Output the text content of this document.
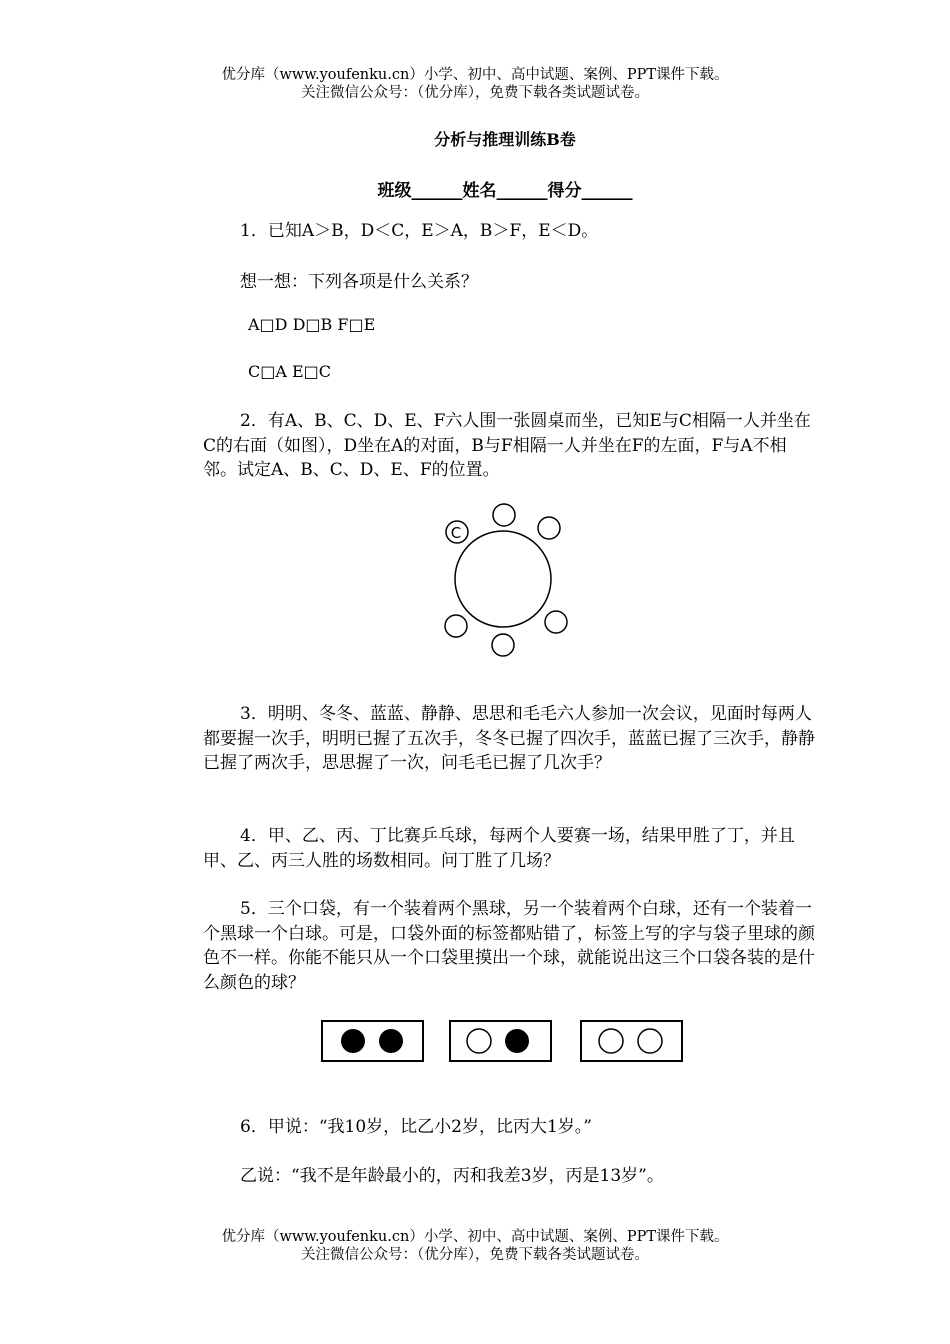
优分库（www.youfenku.cn）小学、初中、高中试题、案例、PPT课件下载。
关注微信公众号：（优分库），免费下载各类试题试卷。
分析与推理训练B卷
班级______姓名______得分______

1．已知A＞B，D＜C，E＞A，B＞F，E＜D。

想一想：下列各项是什么关系？

A□D D□B F□E

C□A E□C

2．有A、B、C、D、E、F六人围一张圆桌而坐，已知E与C相隔一人并坐在C的右面（如图），D坐在A的对面，B与F相隔一人并坐在F的左面，F与A不相邻。试定A、B、C、D、E、F的位置。

C

3．明明、冬冬、蓝蓝、静静、思思和毛毛六人参加一次会议，见面时每两人都要握一次手，明明已握了五次手，冬冬已握了四次手，蓝蓝已握了三次手，静静已握了两次手，思思握了一次，问毛毛已握了几次手？

4．甲、乙、丙、丁比赛乒乓球，每两个人要赛一场，结果甲胜了丁，并且甲、乙、丙三人胜的场数相同。问丁胜了几场？

5．三个口袋，有一个装着两个黑球，另一个装着两个白球，还有一个装着一个黑球一个白球。可是，口袋外面的标签都贴错了，标签上写的字与袋子里球的颜色不一样。你能不能只从一个口袋里摸出一个球，就能说出这三个口袋各装的是什么颜色的球？

6．甲说：“我10岁，比乙小2岁，比丙大1岁。”

乙说：“我不是年龄最小的，丙和我差3岁，丙是13岁”。

优分库（www.youfenku.cn）小学、初中、高中试题、案例、PPT课件下载。
关注微信公众号：（优分库），免费下载各类试题试卷。
